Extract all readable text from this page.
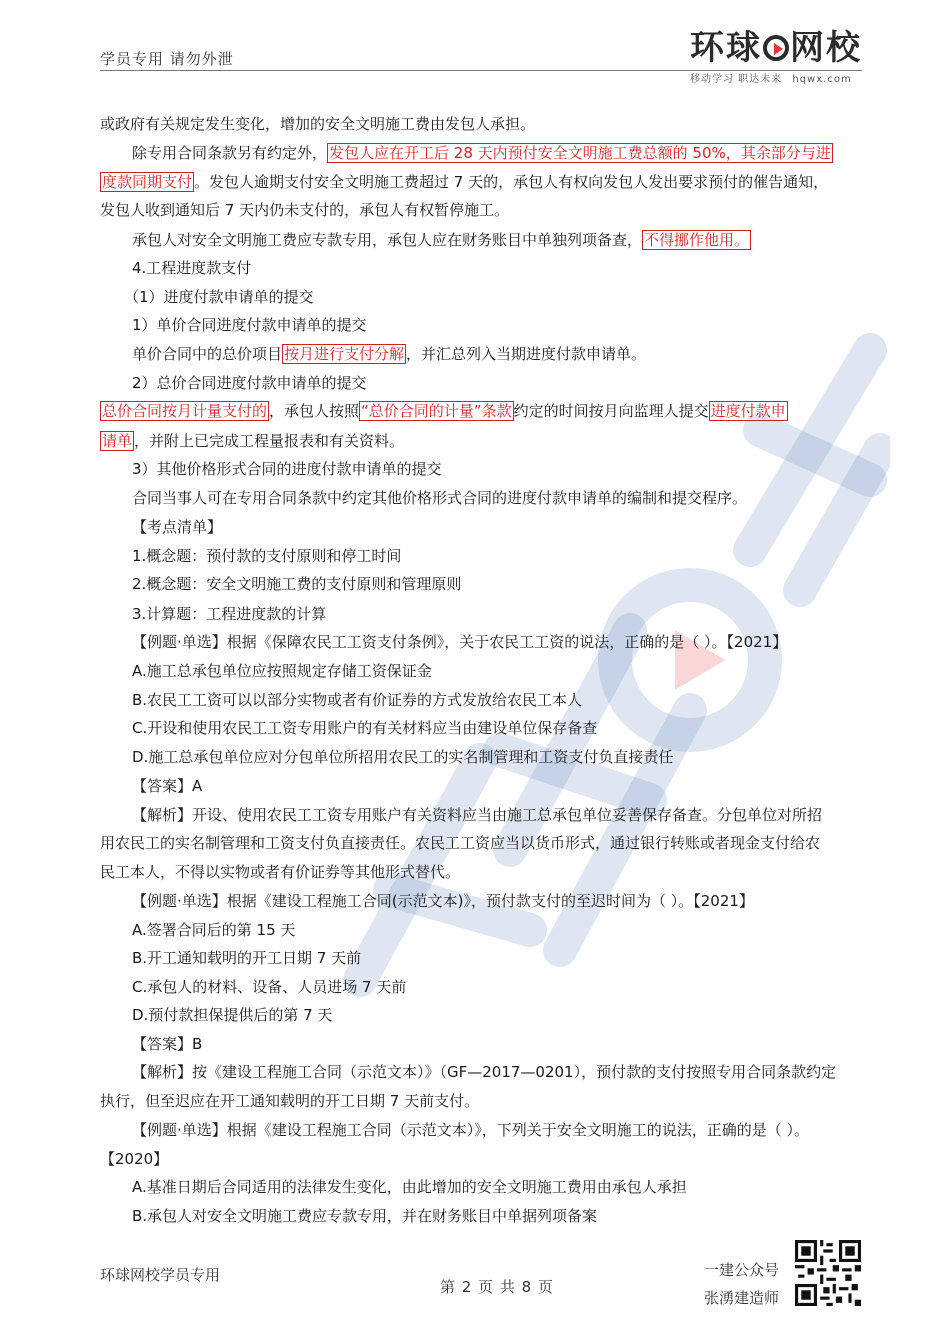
学员专用 请勿外泄	环球 网校
移动学习 职达未来 hqwx.com
或政府有关规定发生变化，增加的安全文明施工费由发包人承担。
除专用合同条款另有约定外， 发包人应在开工后 28 天内预付安全文明施工费总额的 50%，其余部分与进
度款同期支付 。发包人逾期支付安全文明施工费超过 7 天的，承包人有权向发包人发出要求预付的催告通知，
发包人收到通知后 7 天内仍未支付的，承包人有权暂停施工。
承包人对安全文明施工费应专款专用，承包人应在财务账目中单独列项备查， 不得挪作他用。
4.工程进度款支付
（1）进度付款申请单的提交
1）单价合同进度付款申请单的提交
单价合同中的总价项目 按月进行支付分解 ，并汇总列入当期进度付款申请单。
2）总价合同进度付款申请单的提交
总价合同按月计量支付的 ，承包人按照 “总价合同的计量”条款 约定的时间按月向监理人提交 进度付款申
请单 ，并附上已完成工程量报表和有关资料。
3）其他价格形式合同的进度付款申请单的提交
合同当事人可在专用合同条款中约定其他价格形式合同的进度付款申请单的编制和提交程序。
【考点清单】
1.概念题：预付款的支付原则和停工时间
2.概念题：安全文明施工费的支付原则和管理原则
3.计算题：工程进度款的计算
【例题·单选】根据《保障农民工工资支付条例》，关于农民工工资的说法，正确的是（ ）。【2021】
A.施工总承包单位应按照规定存储工资保证金
B.农民工工资可以以部分实物或者有价证券的方式发放给农民工本人
C.开设和使用农民工工资专用账户的有关材料应当由建设单位保存备查
D.施工总承包单位应对分包单位所招用农民工的实名制管理和工资支付负直接责任
【答案】A
【解析】开设、使用农民工工资专用账户有关资料应当由施工总承包单位妥善保存备查。分包单位对所招
用农民工的实名制管理和工资支付负直接责任。农民工工资应当以货币形式，通过银行转账或者现金支付给农
民工本人，不得以实物或者有价证券等其他形式替代。
【例题·单选】根据《建设工程施工合同(示范文本)》，预付款支付的至迟时间为（ ）。【2021】
A.签署合同后的第 15 天
B.开工通知载明的开工日期 7 天前
C.承包人的材料、设备、人员进场 7 天前
D.预付款担保提供后的第 7 天
【答案】B
【解析】按《建设工程施工合同（示范文本）》（GF—2017—0201），预付款的支付按照专用合同条款约定
执行，但至迟应在开工通知载明的开工日期 7 天前支付。
【例题·单选】根据《建设工程施工合同（示范文本）》，下列关于安全文明施工的说法，正确的是（ ）。
【2020】
A.基准日期后合同适用的法律发生变化，由此增加的安全文明施工费用由承包人承担
B.承包人对安全文明施工费应专款专用，并在财务账目中单据列项备案
环球网校学员专用
第 2 页 共 8 页
一建公众号
张湧建造师
